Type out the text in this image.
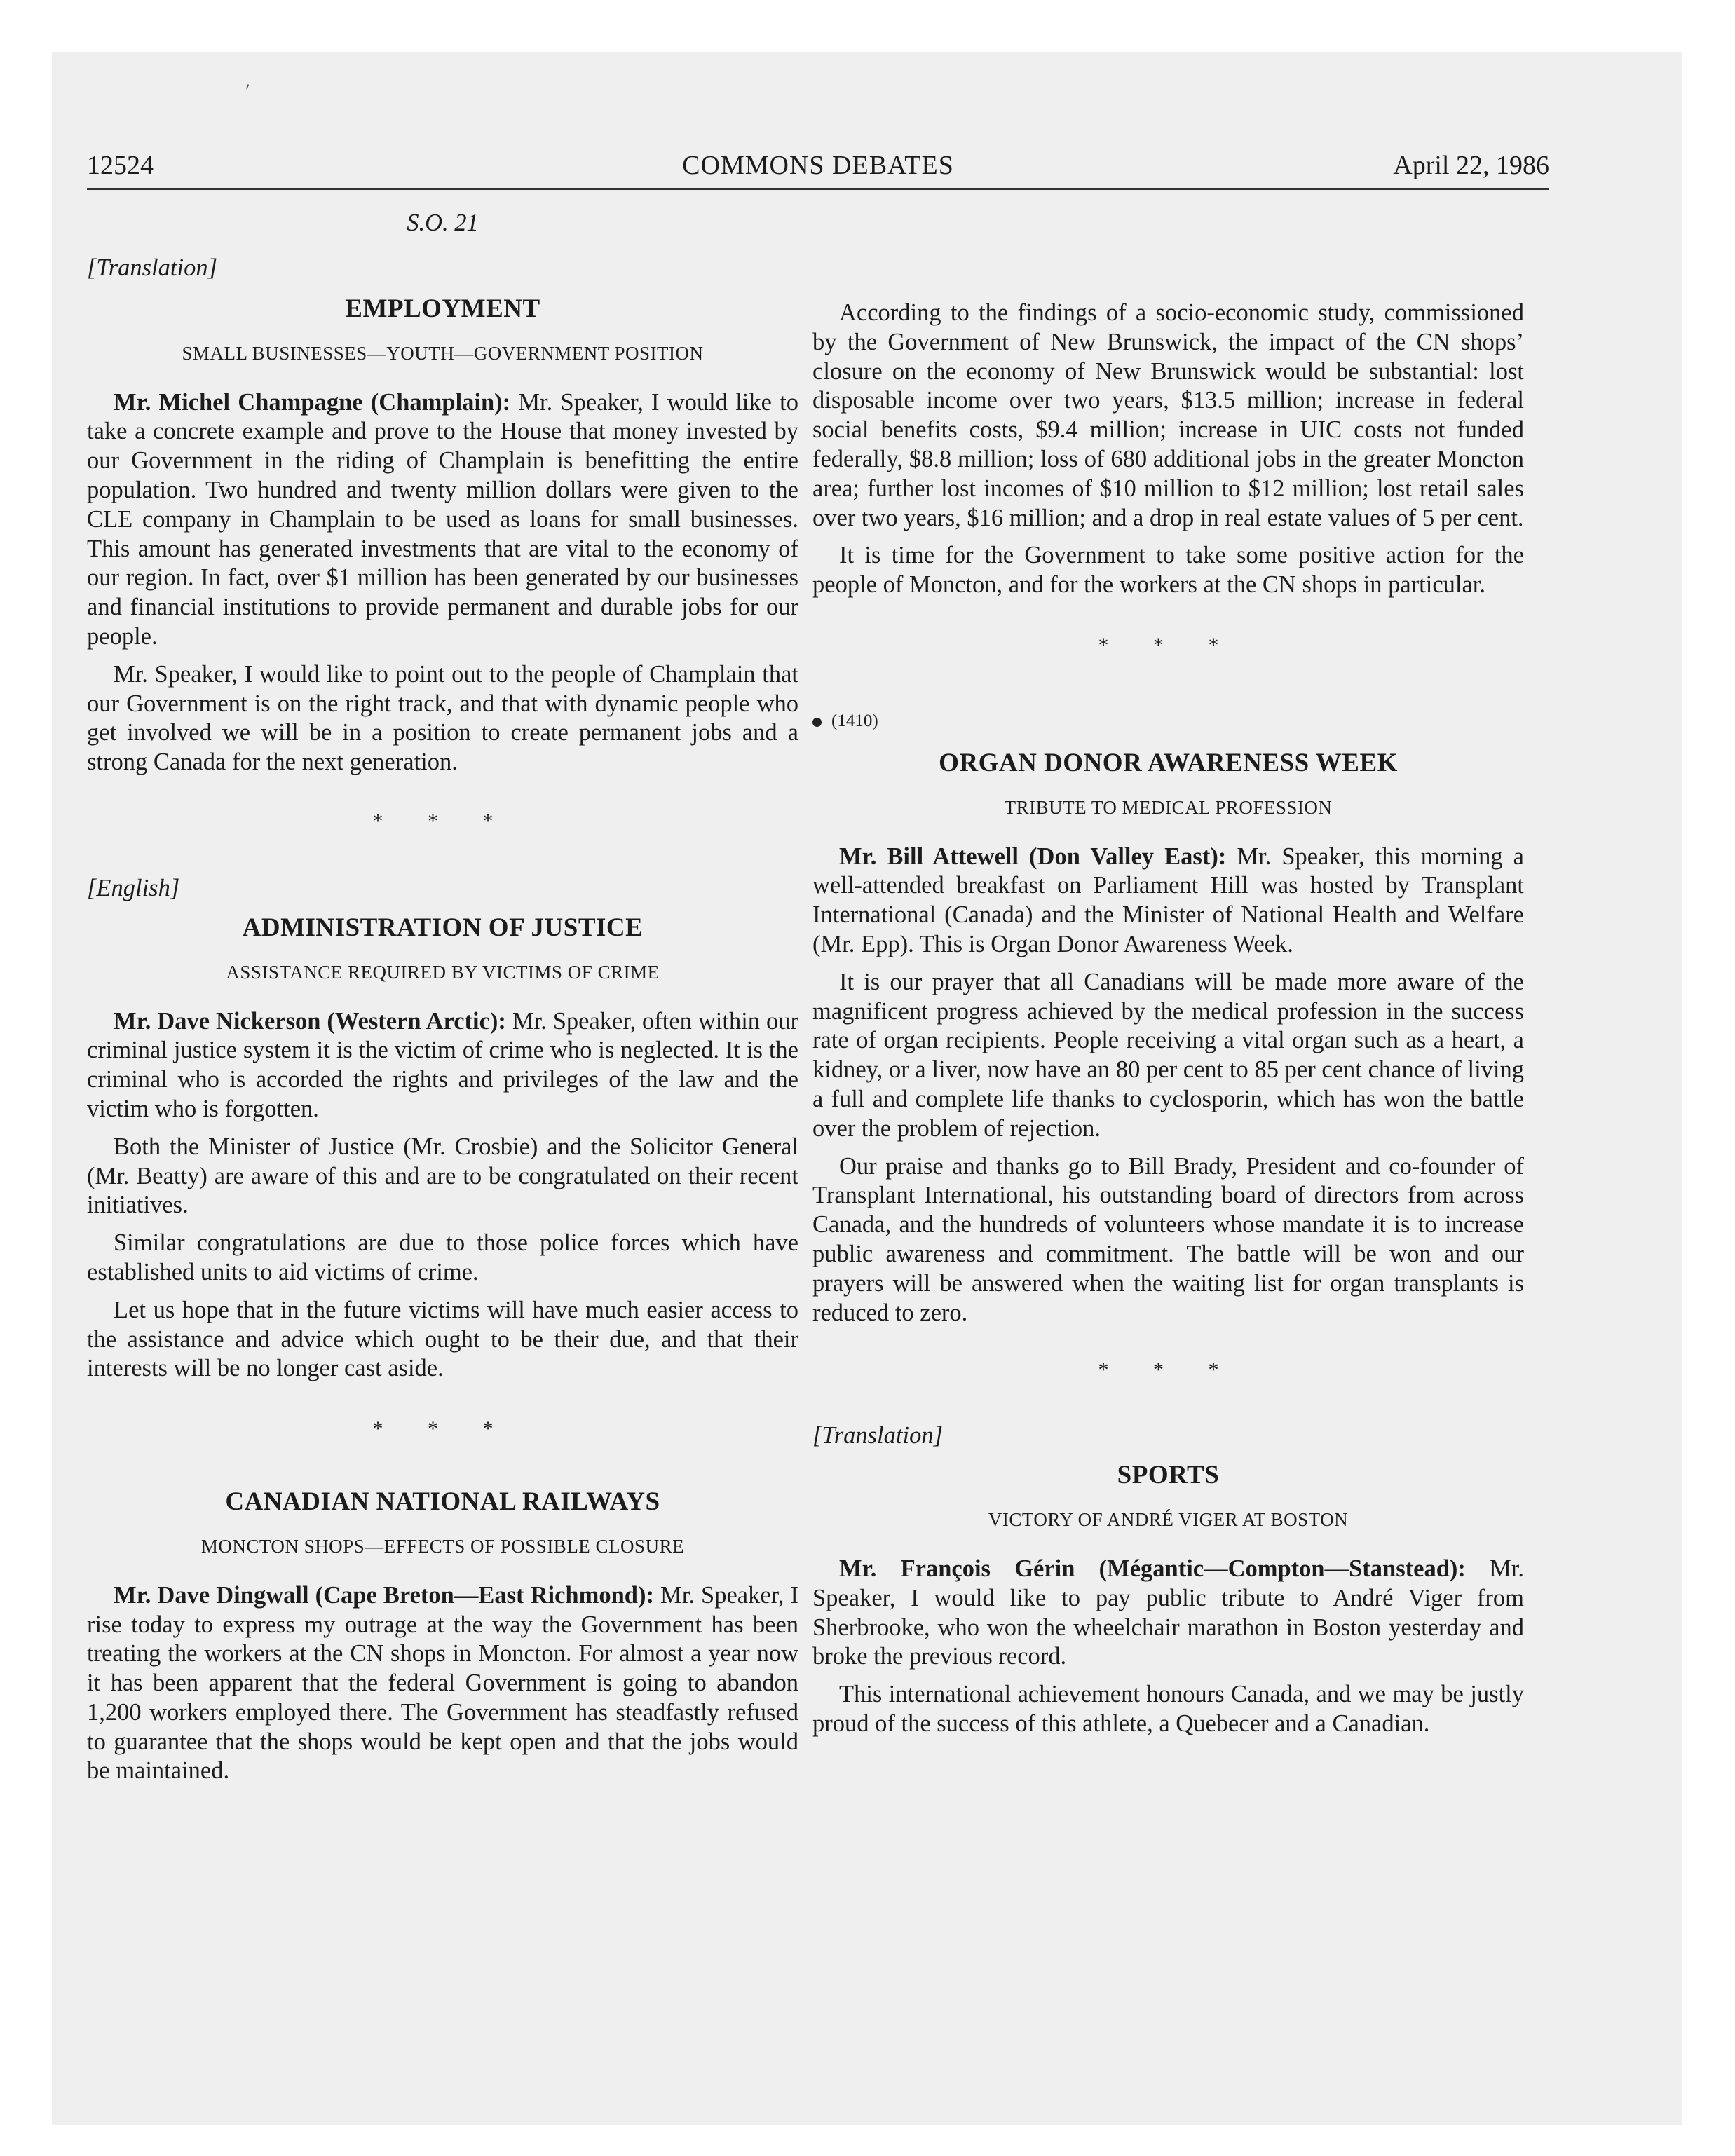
′
12524	COMMONS DEBATES	April 22, 1986
S.O. 21
[Translation]
EMPLOYMENT
SMALL BUSINESSES—YOUTH—GOVERNMENT POSITION

Mr. Michel Champagne (Champlain): Mr. Speaker, I would like to take a concrete example and prove to the House that money invested by our Government in the riding of Champlain is benefitting the entire population. Two hundred and twenty million dollars were given to the CLE company in Champlain to be used as loans for small businesses. This amount has generated investments that are vital to the economy of our region. In fact, over $1 million has been generated by our businesses and financial institutions to provide permanent and durable jobs for our people.

Mr. Speaker, I would like to point out to the people of Champlain that our Government is on the right track, and that with dynamic people who get involved we will be in a position to create permanent jobs and a strong Canada for the next generation.

* * *
[English]
ADMINISTRATION OF JUSTICE
ASSISTANCE REQUIRED BY VICTIMS OF CRIME

Mr. Dave Nickerson (Western Arctic): Mr. Speaker, often within our criminal justice system it is the victim of crime who is neglected. It is the criminal who is accorded the rights and privileges of the law and the victim who is forgotten.

Both the Minister of Justice (Mr. Crosbie) and the Solicitor General (Mr. Beatty) are aware of this and are to be congratulated on their recent initiatives.

Similar congratulations are due to those police forces which have established units to aid victims of crime.

Let us hope that in the future victims will have much easier access to the assistance and advice which ought to be their due, and that their interests will be no longer cast aside.

* * *
CANADIAN NATIONAL RAILWAYS
MONCTON SHOPS—EFFECTS OF POSSIBLE CLOSURE

Mr. Dave Dingwall (Cape Breton—East Richmond): Mr. Speaker, I rise today to express my outrage at the way the Government has been treating the workers at the CN shops in Moncton. For almost a year now it has been apparent that the federal Government is going to abandon 1,200 workers employed there. The Government has steadfastly refused to guarantee that the shops would be kept open and that the jobs would be maintained.

According to the findings of a socio-economic study, commissioned by the Government of New Brunswick, the impact of the CN shops’ closure on the economy of New Brunswick would be substantial: lost disposable income over two years, $13.5 million; increase in federal social benefits costs, $9.4 million; increase in UIC costs not funded federally, $8.8 million; loss of 680 additional jobs in the greater Moncton area; further lost incomes of $10 million to $12 million; lost retail sales over two years, $16 million; and a drop in real estate values of 5 per cent.

It is time for the Government to take some positive action for the people of Moncton, and for the workers at the CN shops in particular.

* * *
(1410)
ORGAN DONOR AWARENESS WEEK
TRIBUTE TO MEDICAL PROFESSION

Mr. Bill Attewell (Don Valley East): Mr. Speaker, this morning a well-attended breakfast on Parliament Hill was hosted by Transplant International (Canada) and the Minister of National Health and Welfare (Mr. Epp). This is Organ Donor Awareness Week.

It is our prayer that all Canadians will be made more aware of the magnificent progress achieved by the medical profession in the success rate of organ recipients. People receiving a vital organ such as a heart, a kidney, or a liver, now have an 80 per cent to 85 per cent chance of living a full and complete life thanks to cyclosporin, which has won the battle over the problem of rejection.

Our praise and thanks go to Bill Brady, President and co-founder of Transplant International, his outstanding board of directors from across Canada, and the hundreds of volunteers whose mandate it is to increase public awareness and commitment. The battle will be won and our prayers will be answered when the waiting list for organ transplants is reduced to zero.

* * *
[Translation]
SPORTS
VICTORY OF ANDRÉ VIGER AT BOSTON

Mr. François Gérin (Mégantic—Compton—Stanstead): Mr. Speaker, I would like to pay public tribute to André Viger from Sherbrooke, who won the wheelchair marathon in Boston yesterday and broke the previous record.

This international achievement honours Canada, and we may be justly proud of the success of this athlete, a Quebecer and a Canadian.
